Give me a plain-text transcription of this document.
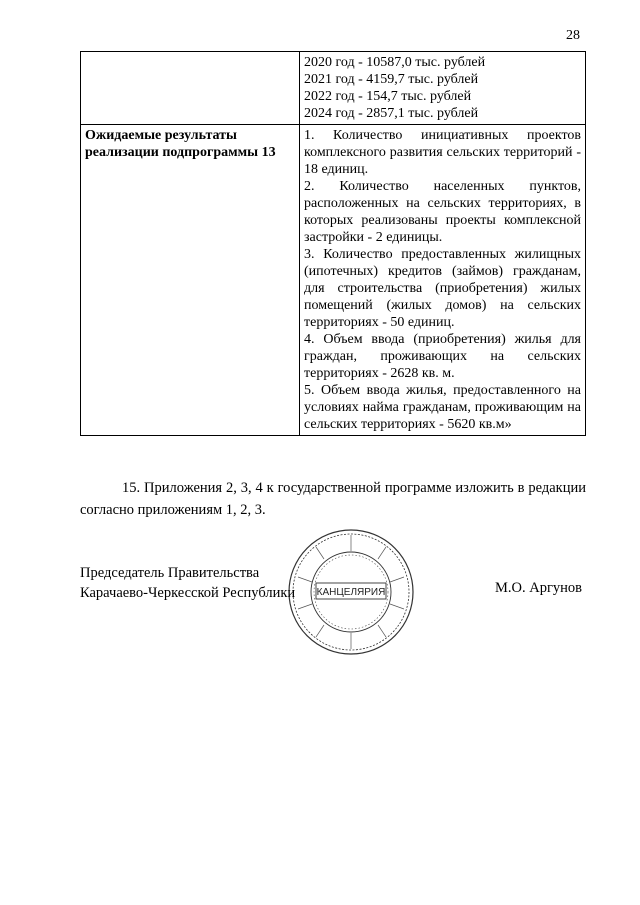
28

	2020 год - 10587,0 тыс. рублей
2021 год - 4159,7 тыс. рублей
2022 год - 154,7 тыс. рублей
2024 год - 2857,1 тыс. рублей

Ожидаемые результаты реализации подпрограммы 13	1. Количество инициативных проектов комплексного развития сельских территорий - 18 единиц.
2. Количество населенных пунктов, расположенных на сельских территориях, в которых реализованы проекты комплексной застройки - 2 единицы.
3. Количество предоставленных жилищных (ипотечных) кредитов (займов) гражданам, для строительства (приобретения) жилых помещений (жилых домов) на сельских территориях - 50 единиц.
4. Объем ввода (приобретения) жилья для граждан, проживающих на сельских территориях - 2628 кв. м.
5. Объем ввода жилья, предоставленного на условиях найма гражданам, проживающим на сельских территориях - 5620 кв.м»
15. Приложения 2, 3, 4 к государственной программе изложить в редакции согласно приложениям 1, 2, 3.
КАНЦЕЛЯРИЯ
Председатель Правительства
Карачаево-Черкесской Республики	М.О. Аргунов
